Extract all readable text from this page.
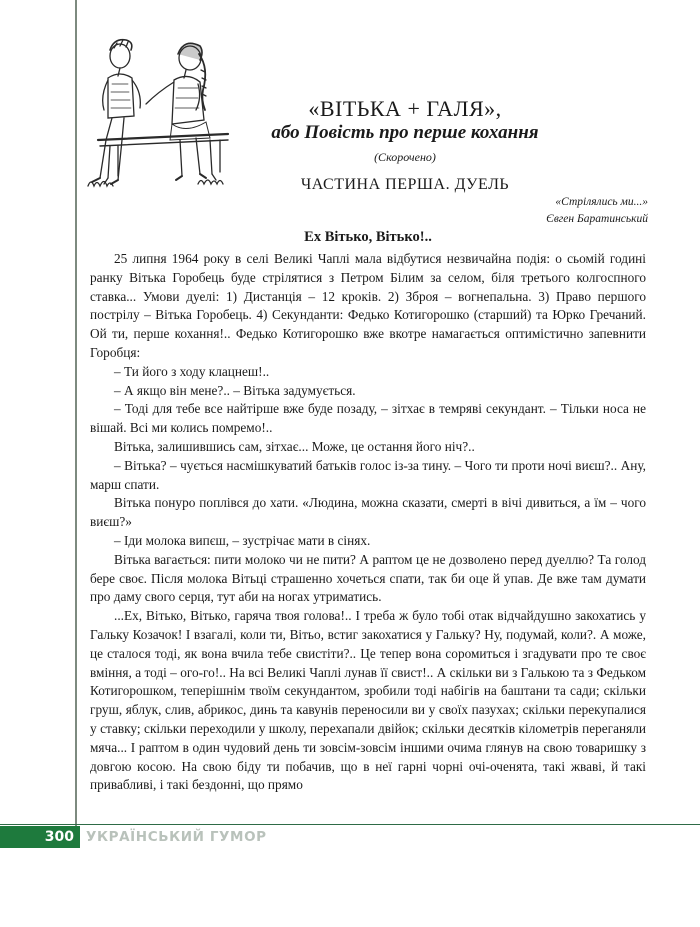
«ВІТЬКА + ГАЛЯ»,
або Повість про перше кохання
(Скорочено)
ЧАСТИНА ПЕРША. ДУЕЛЬ
«Стрілялись ми...»
Євген Баратинський
Ех Вітько, Вітько!..

25 липня 1964 року в селі Великі Чаплі мала відбутися незвичайна подія: о сьомій годині ранку Вітька Горобець буде стрілятися з Петром Білим за селом, біля третього колгоспного ставка... Умови дуелі: 1) Дистанція – 12 кроків. 2) Зброя – вогнепальна. 3) Право першого пострілу – Вітька Горобець. 4) Секунданти: Федько Котигорошко (старший) та Юрко Гречаний. Ой ти, перше кохання!.. Федько Котигорошко вже вкотре намагається оптимістично запевнити Горобця:

– Ти його з ходу клацнеш!..

– А якщо він мене?.. – Вітька задумується.

– Тоді для тебе все найтірше вже буде позаду, – зітхає в темряві секундант. – Тільки носа не вішай. Всі ми колись помремо!..

Вітька, залишившись сам, зітхає... Може, це остання його ніч?..

– Вітька? – чується насмішкуватий батьків голос із-за тину. – Чого ти проти ночі виєш?.. Ану, марш спати.

Вітька понуро поплівся до хати. «Людина, можна сказати, смерті в вічі дивиться, а їм – чого виєш?»

– Іди молока випєш, – зустрічає мати в сінях.

Вітька вагається: пити молоко чи не пити? А раптом це не дозволено перед дуеллю? Та голод бере своє. Після молока Вітьці страшенно хочеться спати, так би оце й упав. Де вже там думати про даму свого серця, тут аби на ногах утриматись.

...Ех, Вітько, Вітько, гаряча твоя голова!.. І треба ж було тобі отак відчайдушно закохатись у Гальку Козачок! І взагалі, коли ти, Вітьо, встиг закохатися у Гальку? Ну, подумай, коли?. А може, це сталося тоді, як вона вчила тебе свистіти?.. Це тепер вона соромиться і згадувати про те своє вміння, а тоді – ого-го!.. На всі Великі Чаплі лунав її свист!.. А скільки ви з Галькою та з Федьком Котигорошком, теперішнім твоїм секундантом, зробили тоді набігів на баштани та сади; скільки груш, яблук, слив, абрикос, динь та кавунів переносили ви у своїх пазухах; скільки перекупалися у ставку; скільки переходили у школу, перехапали двійок; скільки десятків кілометрів переганяли мяча... І раптом в один чудовий день ти зовсім-зовсім іншими очима глянув на свою товаришку з довгою косою. На свою біду ти побачив, що в неї гарні чорні очі-оченята, такі жваві, й такі привабливі, і такі бездонні, що прямо

300 УКРАЇНСЬКИЙ ГУМОР
